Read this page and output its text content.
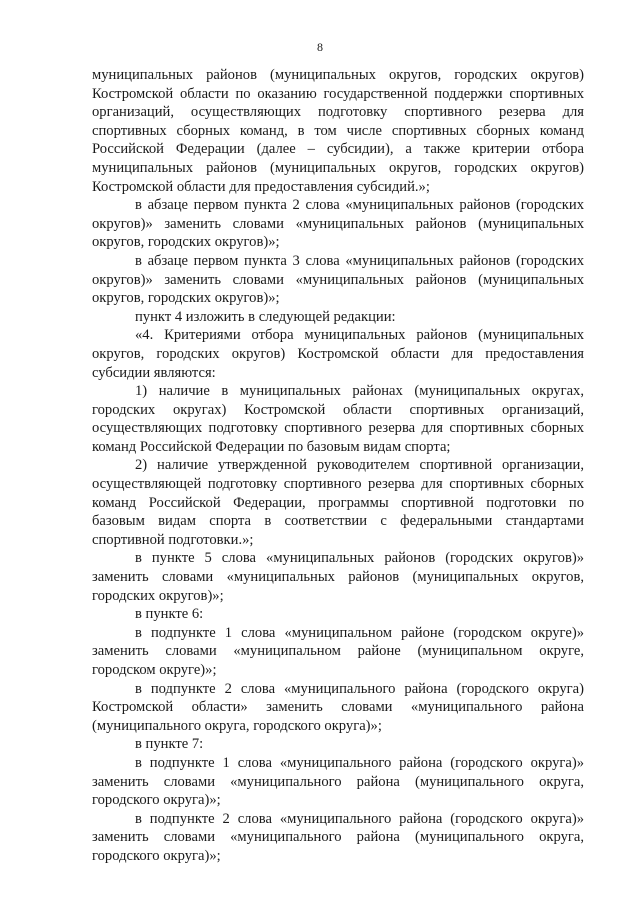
8

муниципальных районов (муниципальных округов, городских округов) Костромской области по оказанию государственной поддержки спортивных организаций, осуществляющих подготовку спортивного резерва для спортивных сборных команд, в том числе спортивных сборных команд Российской Федерации (далее – субсидии), а также критерии отбора муниципальных районов (муниципальных округов, городских округов) Костромской области для предоставления субсидий.»;

в абзаце первом пункта 2 слова «муниципальных районов (городских округов)» заменить словами «муниципальных районов (муниципальных округов, городских округов)»;

в абзаце первом пункта 3 слова «муниципальных районов (городских округов)» заменить словами «муниципальных районов (муниципальных округов, городских округов)»;

пункт 4 изложить в следующей редакции:

«4. Критериями отбора муниципальных районов (муниципальных округов, городских округов) Костромской области для предоставления субсидии являются:

1) наличие в муниципальных районах (муниципальных округах, городских округах) Костромской области спортивных организаций, осуществляющих подготовку спортивного резерва для спортивных сборных команд Российской Федерации по базовым видам спорта;

2) наличие утвержденной руководителем спортивной организации, осуществляющей подготовку спортивного резерва для спортивных сборных команд Российской Федерации, программы спортивной подготовки по базовым видам спорта в соответствии с федеральными стандартами спортивной подготовки.»;

в пункте 5 слова «муниципальных районов (городских округов)» заменить словами «муниципальных районов (муниципальных округов, городских округов)»;

в пункте 6:

в подпункте 1 слова «муниципальном районе (городском округе)» заменить словами «муниципальном районе (муниципальном округе, городском округе)»;

в подпункте 2 слова «муниципального района (городского округа) Костромской области» заменить словами «муниципального района (муниципального округа, городского округа)»;

в пункте 7:

в подпункте 1 слова «муниципального района (городского округа)» заменить словами «муниципального района (муниципального округа, городского округа)»;

в подпункте 2 слова «муниципального района (городского округа)» заменить словами «муниципального района (муниципального округа, городского округа)»;
